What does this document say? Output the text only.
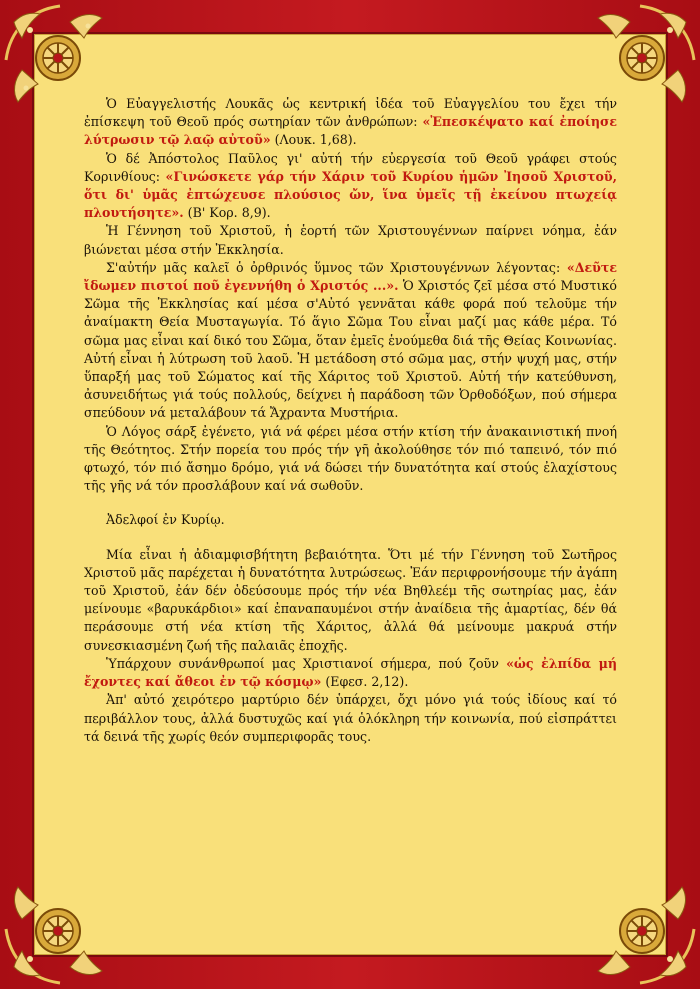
Ὁ Εὐαγγελιστής Λουκᾶς ὡς κεντρική ἰδέα τοῦ Εὐαγγελίου του ἔχει τήν ἐπίσκεψη τοῦ Θεοῦ πρός σωτηρίαν τῶν ἀνθρώπων: «Ἐπεσκέψατο καί ἐποίησε λύτρωσιν τῷ λαῷ αὐτοῦ» (Λουκ. 1,68).

Ὁ δέ Ἀπόστολος Παῦλος γι' αὐτή τήν εὐεργεσία τοῦ Θεοῦ γράφει στούς Κορινθίους: «Γινώσκετε γάρ τήν Χάριν τοῦ Κυρίου ἡμῶν Ἰησοῦ Χριστοῦ, ὅτι δι' ὑμᾶς ἐπτώχευσε πλούσιος ὤν, ἵνα ὑμεῖς τῇ ἐκείνου πτωχείᾳ πλουτήσητε». (Β' Κορ. 8,9).

Ἡ Γέννηση τοῦ Χριστοῦ, ἡ ἑορτή τῶν Χριστουγέννων παίρνει νόημα, ἐάν βιώνεται μέσα στήν Ἐκκλησία.

Σ'αὐτήν μᾶς καλεῖ ὁ ὀρθρινός ὕμνος τῶν Χριστουγέννων λέγοντας: «Δεῦτε ἴδωμεν πιστοί ποῦ ἐγεννήθη ὁ Χριστός ...». Ὁ Χριστός ζεῖ μέσα στό Μυστικό Σῶμα τῆς Ἐκκλησίας καί μέσα σ'Αὐτό γεννᾶται κάθε φορά πού τελοῦμε τήν ἀναίμακτη Θεία Μυσταγωγία. Τό ἅγιο Σῶμα Του εἶναι μαζί μας κάθε μέρα. Τό σῶμα μας εἶναι καί δικό του Σῶμα, ὅταν ἐμεῖς ἑνούμεθα διά τῆς Θείας Κοινωνίας. Αὐτή εἶναι ἡ λύτρωση τοῦ λαοῦ. Ἡ μετάδοση στό σῶμα μας, στήν ψυχή μας, στήν ὕπαρξή μας τοῦ Σώματος καί τῆς Χάριτος τοῦ Χριστοῦ. Αὐτή τήν κατεύθυνση, ἀσυνειδήτως γιά τούς πολλούς, δείχνει ἡ παράδοση τῶν Ὀρθοδόξων, πού σήμερα σπεύδουν νά μεταλάβουν τά Ἄχραντα Μυστήρια.

Ὁ Λόγος σάρξ ἐγένετο, γιά νά φέρει μέσα στήν κτίση τήν ἀνακαινιστική πνοή τῆς Θεότητος. Στήν πορεία του πρός τήν γῆ ἀκολούθησε τόν πιό ταπεινό, τόν πιό φτωχό, τόν πιό ἄσημο δρόμο, γιά νά δώσει τήν δυνατότητα καί στούς ἐλαχίστους τῆς γῆς νά τόν προσλάβουν καί νά σωθοῦν.

Ἀδελφοί ἐν Κυρίῳ.

Μία εἶναι ἡ ἀδιαμφισβήτητη βεβαιότητα. Ὅτι μέ τήν Γέννηση τοῦ Σωτῆρος Χριστοῦ μᾶς παρέχεται ἡ δυνατότητα λυτρώσεως. Ἐάν περιφρονήσουμε τήν ἀγάπη τοῦ Χριστοῦ, ἐάν δέν ὁδεύσουμε πρός τήν νέα Βηθλεέμ τῆς σωτηρίας μας, ἐάν μείνουμε «βαρυκάρδιοι» καί ἐπαναπαυμένοι στήν ἀναίδεια τῆς ἁμαρτίας, δέν θά περάσουμε στή νέα κτίση τῆς Χάριτος, ἀλλά θά μείνουμε μακρυά στήν συνεσκιασμένη ζωή τῆς παλαιᾶς ἐποχῆς.

Ὑπάρχουν συνάνθρωποί μας Χριστιανοί σήμερα, πού ζοῦν «ὡς ἐλπίδα μή ἔχοντες καί ἄθεοι ἐν τῷ κόσμῳ» (Εφεσ. 2,12).

Ἀπ' αὐτό χειρότερο μαρτύριο δέν ὑπάρχει, ὄχι μόνο γιά τούς ἰδίους καί τό περιβάλλον τους, ἀλλά δυστυχῶς καί γιά ὁλόκληρη τήν κοινωνία, πού εἰσπράττει τά δεινά τῆς χωρίς θεόν συμπεριφορᾶς τους.
